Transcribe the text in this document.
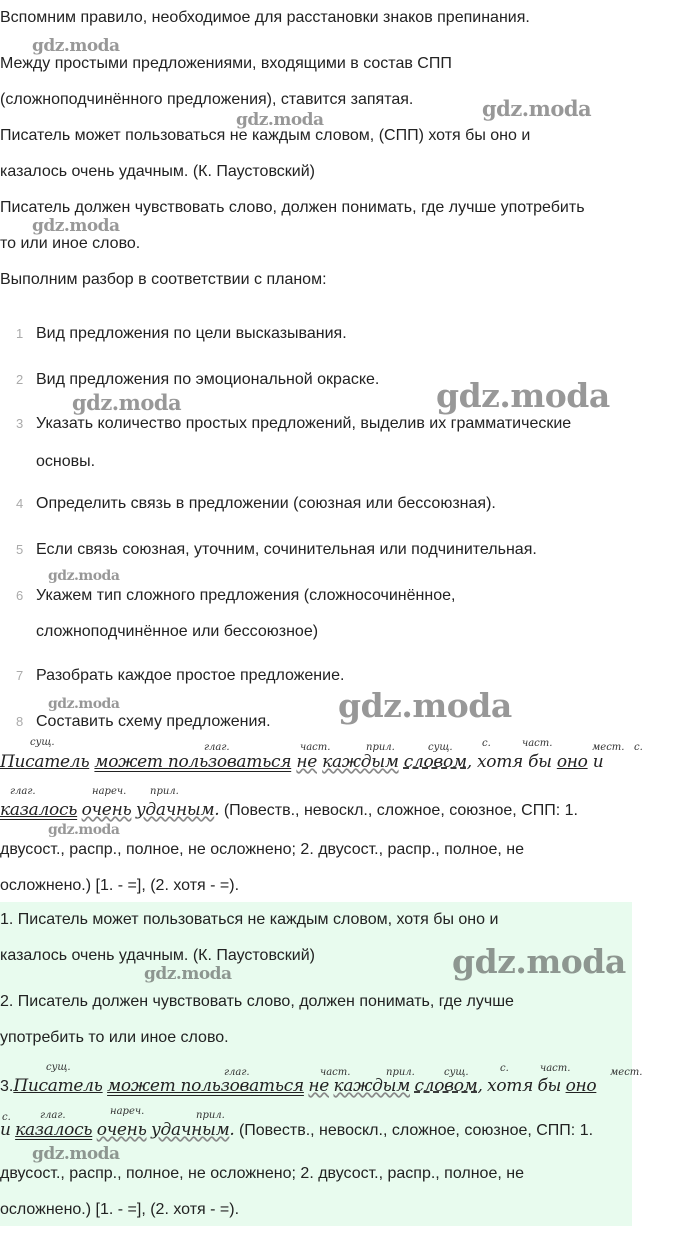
Вспомним правило, необходимое для расстановки знаков препинания.
Между простыми предложениями, входящими в состав СПП
(сложноподчинённого предложения), ставится запятая.
Писатель может пользоваться не каждым словом, (СПП) хотя бы оно и
казалось очень удачным. (К. Паустовский)
Писатель должен чувствовать слово, должен понимать, где лучше употребить
то или иное слово.
Выполним разбор в соответствии с планом:
1 Вид предложения по цели высказывания.
2 Вид предложения по эмоциональной окраске.
3 Указать количество простых предложений, выделив их грамматические
основы.
4 Определить связь в предложении (союзная или бессоюзная).
5 Если связь союзная, уточним, сочинительная или подчинительная.
6 Укажем тип сложного предложения (сложносочинённое,
сложноподчинённое или бессоюзное)
7 Разобрать каждое простое предложение.
8 Составить схему предложения.
сущ.	глаг.	част.	прил.	сущ.	с.	част.	мест. с.
Писатель может пользоваться не каждым словом, хотя бы оно и
глаг.	нареч. прил.
казалось очень удачным. (Повеств., невоскл., сложное, союзное, СПП: 1.
двусост., распр., полное, не осложнено; 2. двусост., распр., полное, не
осложнено.) [1. - =], (2. хотя - =).
1. Писатель может пользоваться не каждым словом, хотя бы оно и
казалось очень удачным. (К. Паустовский)
2. Писатель должен чувствовать слово, должен понимать, где лучше
употребить то или иное слово.
сущ.	глаг.	част.	прил.	сущ.	с.	част.	мест.
3.Писатель может пользоваться не каждым словом, хотя бы оно
с.	глаг.	нареч.	прил.
и казалось очень удачным. (Повеств., невоскл., сложное, союзное, СПП: 1.
двусост., распр., полное, не осложнено; 2. двусост., распр., полное, не
осложнено.) [1. - =], (2. хотя - =).
gdz.moda
gdz.moda
gdz.moda
gdz.moda
gdz.moda	gdz.moda
gdz.moda
gdz.moda	gdz.moda
gdz.moda
gdz.moda
gdz.moda
gdz.moda
